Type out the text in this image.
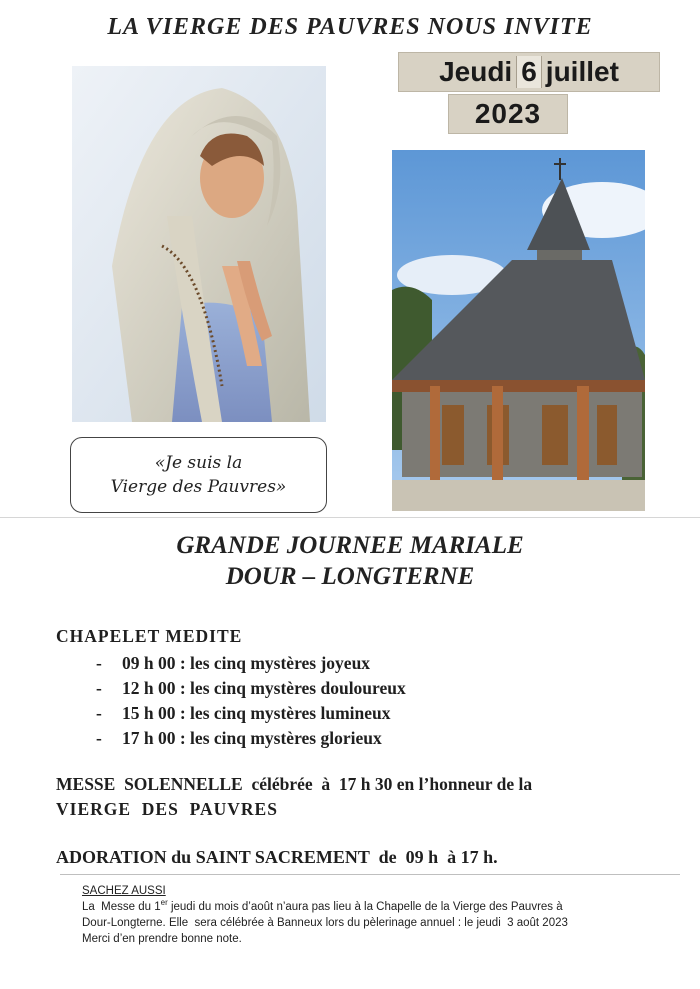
LA VIERGE DES PAUVRES NOUS INVITE
«Je suis la
Vierge des Pauvres»
Jeudi 6 juillet
2023
GRANDE JOURNEE MARIALE
DOUR – LONGTERNE
CHAPELET MEDITE
- 09 h 00 : les cinq mystères joyeux
- 12 h 00 : les cinq mystères douloureux
- 15 h 00 : les cinq mystères lumineux
- 17 h 00 : les cinq mystères glorieux
MESSE  SOLENNELLE  célébrée  à  17 h 30 en l’honneur de la
VIERGE  DES  PAUVRES
ADORATION du SAINT SACREMENT  de  09 h  à 17 h.
SACHEZ AUSSI
La  Messe du 1er jeudi du mois d’août n’aura pas lieu à la Chapelle de la Vierge des Pauvres à
Dour-Longterne. Elle  sera célébrée à Banneux lors du pèlerinage annuel : le jeudi  3 août 2023
Merci d’en prendre bonne note.
